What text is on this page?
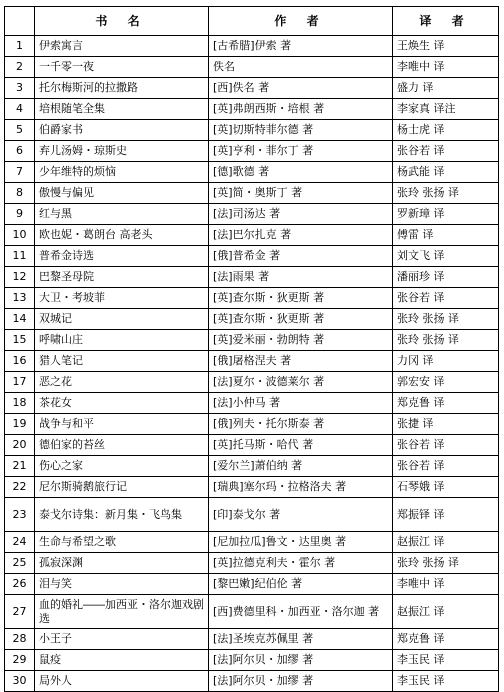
	书 名	作 者	译 者
1	伊索寓言	[古希腊]伊索 著	王焕生 译
2	一千零一夜	佚名	李唯中 译
3	托尔梅斯河的拉撒路	[西]佚名 著	盛力 译
4	培根随笔全集	[英]弗朗西斯・培根 著	李家真 译注
5	伯爵家书	[英]切斯特菲尔德 著	杨士虎 译
6	弃儿汤姆・琼斯史	[英]亨利・菲尔丁 著	张谷若 译
7	少年维特的烦恼	[德]歌德 著	杨武能 译
8	傲慢与偏见	[英]简・奥斯丁 著	张玲 张扬 译
9	红与黑	[法]司汤达 著	罗新璋 译
10	欧也妮・葛朗台 高老头	[法]巴尔扎克 著	傅雷 译
11	普希金诗选	[俄]普希金 著	刘文飞 译
12	巴黎圣母院	[法]雨果 著	潘丽珍 译
13	大卫・考坡菲	[英]查尔斯・狄更斯 著	张谷若 译
14	双城记	[英]查尔斯・狄更斯 著	张玲 张扬 译
15	呼啸山庄	[英]爱米丽・勃朗特 著	张玲 张扬 译
16	猎人笔记	[俄]屠格涅夫 著	力冈 译
17	恶之花	[法]夏尔・波德莱尔 著	郭宏安 译
18	茶花女	[法]小仲马 著	郑克鲁 译
19	战争与和平	[俄]列夫・托尔斯泰 著	张捷 译
20	德伯家的苔丝	[英]托马斯・哈代 著	张谷若 译
21	伤心之家	[爱尔兰]萧伯纳 著	张谷若 译
22	尼尔斯骑鹅旅行记	[瑞典]塞尔玛・拉格洛夫 著	石琴娥 译
23	泰戈尔诗集：新月集・飞鸟集	[印]泰戈尔 著	郑振铎 译
24	生命与希望之歌	[尼加拉瓜]鲁文・达里奥 著	赵振江 译
25	孤寂深渊	[英]拉德克利夫・霍尔 著	张玲 张扬 译
26	泪与笑	[黎巴嫩]纪伯伦 著	李唯中 译
27	血的婚礼――加西亚・洛尔迦戏剧选	[西]费德里科・加西亚・洛尔迦 著	赵振江 译
28	小王子	[法]圣埃克苏佩里 著	郑克鲁 译
29	鼠疫	[法]阿尔贝・加缪 著	李玉民 译
30	局外人	[法]阿尔贝・加缪 著	李玉民 译
